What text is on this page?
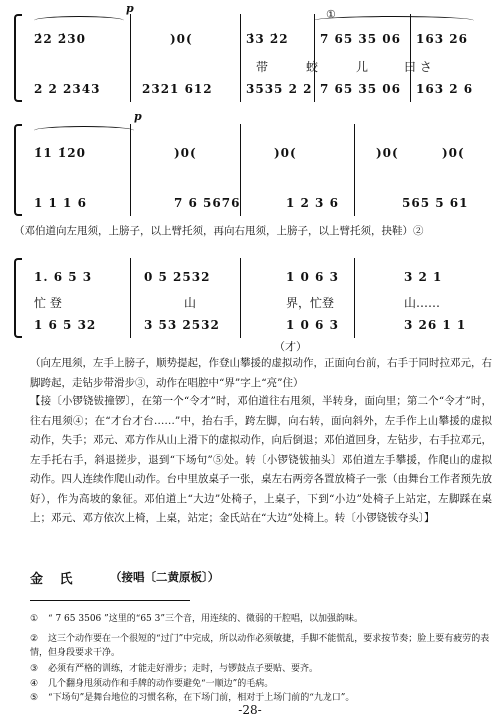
p	①
2̇2 2̇30	)0(	3̇3 2̇2	7 65 35 06 163 26
带	蛟	儿	曰 さ
2 2 2343	2321 612	3535 2 2 7 65 35 06 163 2 6
p
1̇1 1̇20	)0(	)0(	)0(	)0(
1 1 1 6	7 6 5676	1 2 3 6	565 5 61
（邓伯道向左甩须，上膀子，以上臂托须，再向右甩须，上膀子，以上臂托须，抉鞋）②
1. 6 5 3	0 5 2532	1 0 6 3	3 2 1
忙 登	山	界，忙登	山……
1 6 5 32	3 53 2532	1 0 6 3	3 26 1 1
（才）
（向左甩须，左手上膀子，顺势提起，作登山攀援的虚拟动作，正面向台前，右手于同时拉邓元，右脚跨起，走钻步带滑步③，动作在唱腔中“界”字上“亮”住）
【接〔小锣铙钹撞锣〕，在第一个“令才”时，邓伯道往右甩须，半转身，面向里；第二个“令才”时，往右甩须④；在“才台才台……”中，抬右手，跨左脚，向右转，面向斜外，左手作上山攀援的虚拟动作，失手；邓元、邓方作从山上滑下的虚拟动作，向后倒退；邓伯道回身，左钻步，右手拉邓元，左手托右手，斜退搓步，退到“下场句”⑤处。转〔小锣铙钹抽头〕邓伯道左手攀援，作爬山的虚拟动作。四人连续作爬山动作。台中里放桌子一张，桌左右两旁各置放椅子一张（由舞台工作者预先放好），作为高坡的象征。邓伯道上“大边”处椅子，上桌子，下到“小边”处椅子上站定，左脚踩在桌上；邓元、邓方依次上椅，上桌，站定；金氏站在“大边”处椅上。转〔小锣铙钹夺头〕】
金 氏	（接唱〔二黄原板〕）
① “ 7 65 3506 ”这里的“65 3”三个音，用连续的、微弱的干腔唱，以加强韵味。
② 这三个动作要在一个很短的“过门”中完成，所以动作必须敏捷，手脚不能慌乱，要求按节奏；脸上要有疲劳的表情，但身段要求干净。
③ 必须有严格的训练，才能走好滑步；走时，与锣鼓点子要贴、要齐。
④ 几个翻身甩须动作和手牌的动作要避免“一顺边”的毛病。
⑤ “下场句”是舞台地位的习惯名称，在下场门前，相对于上场门前的“九龙口”。
-28-
